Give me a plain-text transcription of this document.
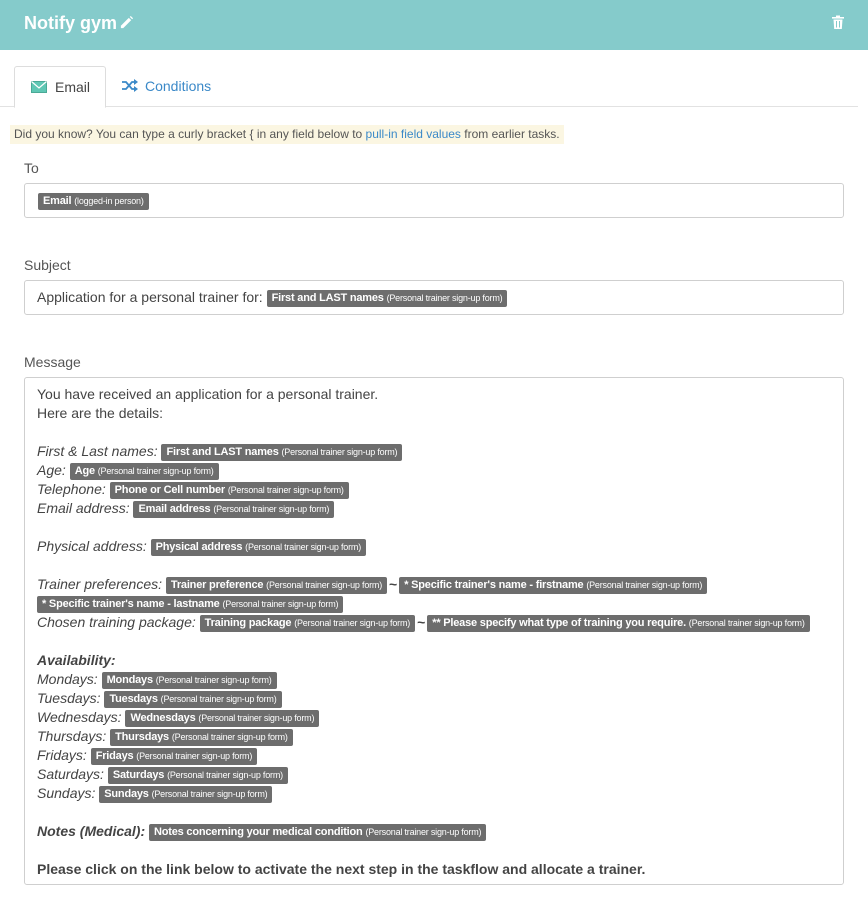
Notify gym
Email	Conditions
Did you know? You can type a curly bracket { in any field below to pull-in field values from earlier tasks.
To
Email (logged-in person)
Subject
Application for a personal trainer for: First and LAST names (Personal trainer sign-up form)
Message
You have received an application for a personal trainer.
Here are the details:
First & Last names: First and LAST names (Personal trainer sign-up form)
Age: Age (Personal trainer sign-up form)
Telephone: Phone or Cell number (Personal trainer sign-up form)
Email address: Email address (Personal trainer sign-up form)
Physical address: Physical address (Personal trainer sign-up form)
Trainer preferences: Trainer preference (Personal trainer sign-up form) ~ * Specific trainer's name - firstname (Personal trainer sign-up form)
* Specific trainer's name - lastname (Personal trainer sign-up form)
Chosen training package: Training package (Personal trainer sign-up form) ~ ** Please specify what type of training you require. (Personal trainer sign-up form)
Availability:
Mondays: Mondays (Personal trainer sign-up form)
Tuesdays: Tuesdays (Personal trainer sign-up form)
Wednesdays: Wednesdays (Personal trainer sign-up form)
Thursdays: Thursdays (Personal trainer sign-up form)
Fridays: Fridays (Personal trainer sign-up form)
Saturdays: Saturdays (Personal trainer sign-up form)
Sundays: Sundays (Personal trainer sign-up form)
Notes (Medical): Notes concerning your medical condition (Personal trainer sign-up form)
Please click on the link below to activate the next step in the taskflow and allocate a trainer.
